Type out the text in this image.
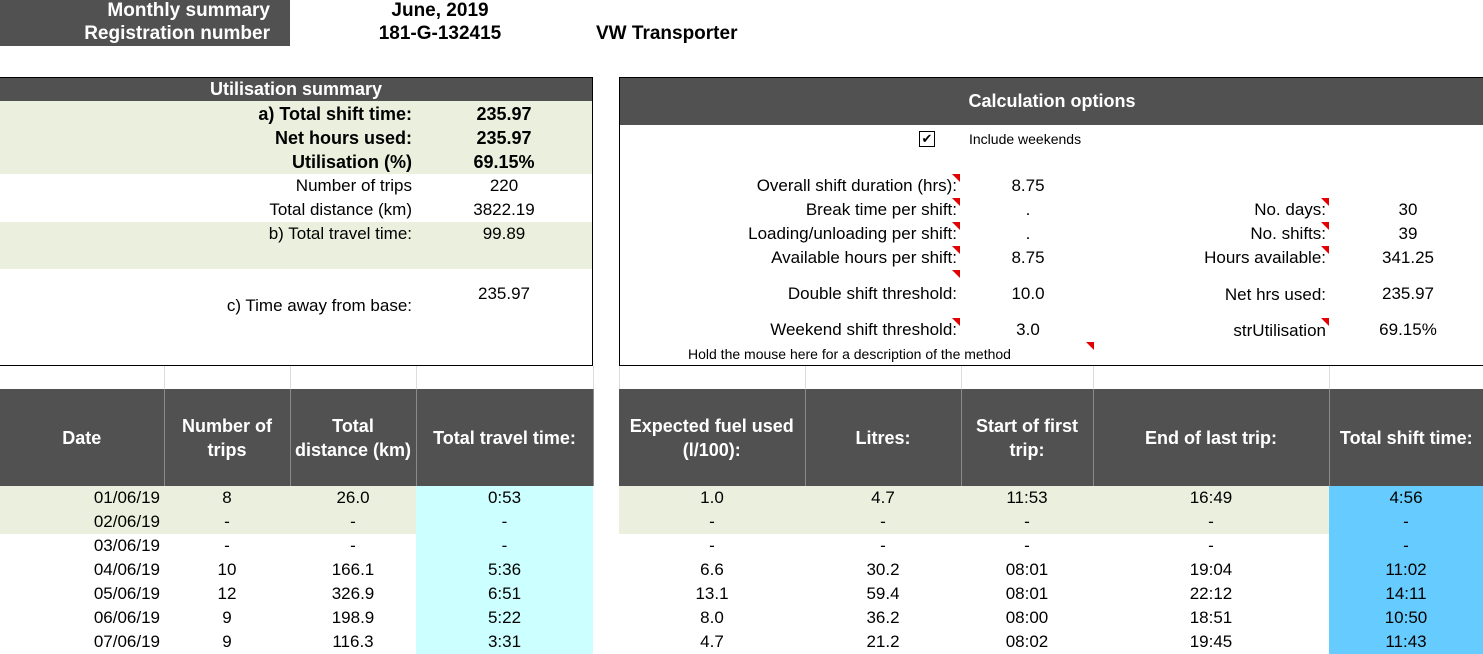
Monthly summary
Registration number
June, 2019
181-G-132415	VW Transporter
Utilisation summary
a) Total shift time:	235.97
Net hours used:	235.97
Utilisation (%)	69.15%
Number of trips	220
Total distance (km)	3822.19
b) Total travel time:	99.89
c) Time away from base:
235.97
Calculation options
✔	Include weekends
Overall shift duration (hrs):	8.75
Break time per shift:	.
Loading/unloading per shift:	.
Available hours per shift:	8.75
Double shift threshold:	10.0
Weekend shift threshold:	3.0
Hold the mouse here for a description of the method
No. days:	30
No. shifts:	39
Hours available:	341.25
Net hrs used:	235.97
strUtilisation	69.15%
Date	Number of trips	Total distance (km)	Total travel time:		Expected fuel used (l/100):	Litres:	Start of first trip:	End of last trip:	Total shift time:
01/06/19	8	26.0	0:53		1.0	4.7	11:53	16:49	4:56
02/06/19	-	-	-		-	-	-	-	-
03/06/19	-	-	-		-	-	-	-	-
04/06/19	10	166.1	5:36		6.6	30.2	08:01	19:04	11:02
05/06/19	12	326.9	6:51		13.1	59.4	08:01	22:12	14:11
06/06/19	9	198.9	5:22		8.0	36.2	08:00	18:51	10:50
07/06/19	9	116.3	3:31		4.7	21.2	08:02	19:45	11:43
